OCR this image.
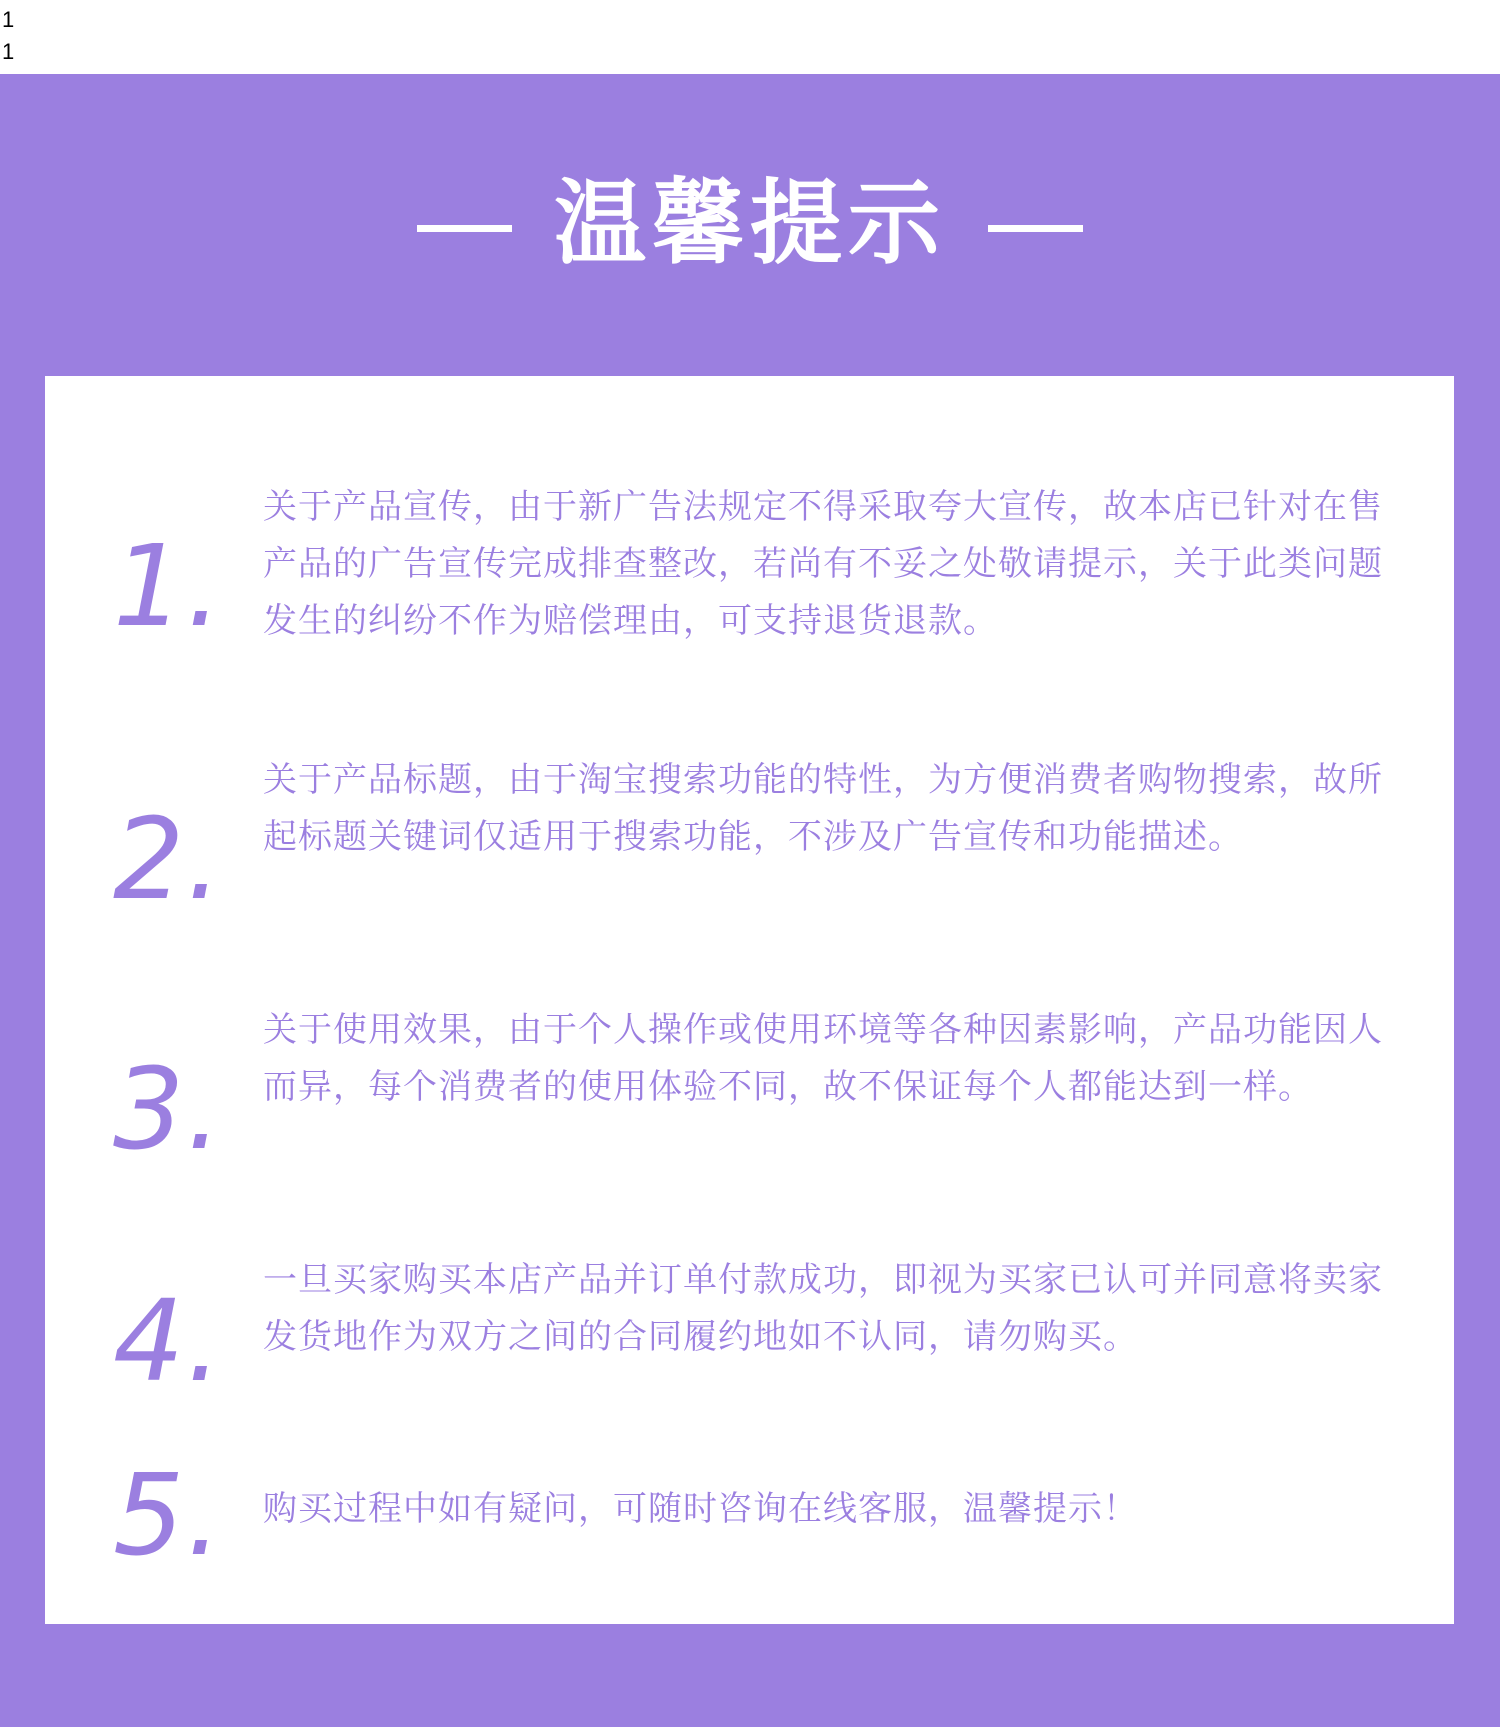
1
1
温馨提示
1.
关于产品宣传，由于新广告法规定不得采取夸大宣传，故本店已针对在售产品的广告宣传完成排查整改，若尚有不妥之处敬请提示，关于此类问题发生的纠纷不作为赔偿理由，可支持退货退款。
2.
关于产品标题，由于淘宝搜索功能的特性，为方便消费者购物搜索，故所起标题关键词仅适用于搜索功能，不涉及广告宣传和功能描述。
3.
关于使用效果，由于个人操作或使用环境等各种因素影响，产品功能因人而异，每个消费者的使用体验不同，故不保证每个人都能达到一样。
4.	一旦买家购买本店产品并订单付款成功，即视为买家已认可并同意将卖家发货地作为双方之间的合同履约地如不认同，请勿购买。
5.	购买过程中如有疑问，可随时咨询在线客服，温馨提示！
